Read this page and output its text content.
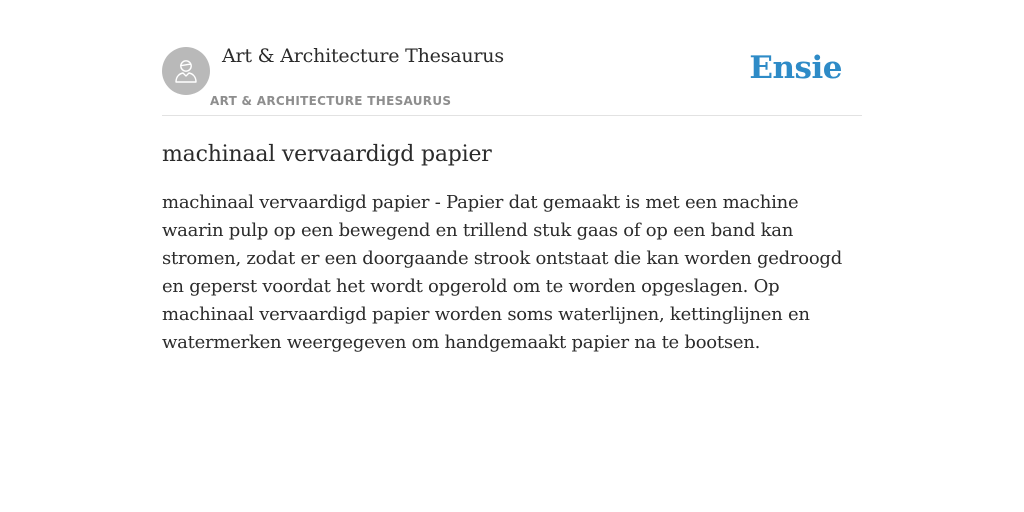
Art & Architecture Thesaurus
ART & ARCHITECTURE THESAURUS
Ensie
machinaal vervaardigd papier

machinaal vervaardigd papier - Papier dat gemaakt is met een machine waarin pulp op een bewegend en trillend stuk gaas of op een band kan stromen, zodat er een doorgaande strook ontstaat die kan worden gedroogd en geperst voordat het wordt opgerold om te worden opgeslagen. Op machinaal vervaardigd papier worden soms waterlijnen, kettinglijnen en watermerken weergegeven om handgemaakt papier na te bootsen.
